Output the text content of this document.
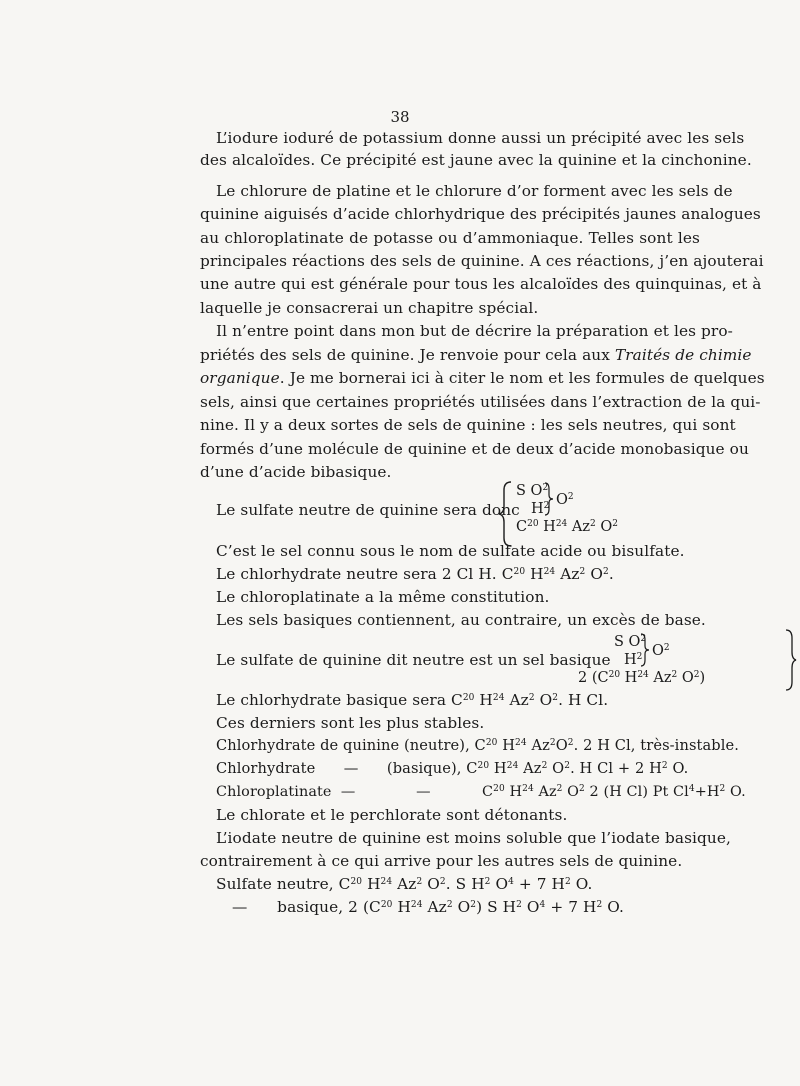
38
L’iodure ioduré de potassium donne aussi un précipité avec les sels
des alcaloïdes. Ce précipité est jaune avec la quinine et la cinchonine.
Le chlorure de platine et le chlorure d’or forment avec les sels de
quinine aiguisés d’acide chlorhydrique des précipités jaunes analogues
au chloroplatinate de potasse ou d’ammoniaque. Telles sont les
principales réactions des sels de quinine. A ces réactions, j’en ajouterai
une autre qui est générale pour tous les alcaloïdes des quinquinas, et à
laquelle je consacrerai un chapitre spécial.
Il n’entre point dans mon but de décrire la préparation et les pro-
priétés des sels de quinine. Je renvoie pour cela aux Traités de chimie
organique. Je me bornerai ici à citer le nom et les formules de quelques
sels, ainsi que certaines propriétés utilisées dans l’extraction de la qui-
nine. Il y a deux sortes de sels de quinine : les sels neutres, qui sont
formés d’une molécule de quinine et de deux d’acide monobasique ou
d’une d’acide bibasique.
Le sulfate neutre de quinine sera donc
S $O^2$
$H^2$ $O^2$
$C^{20}$ $H^{24}$ Az$^2$ $O^2$
C’est le sel connu sous le nom de sulfate acide ou bisulfate.
Le chlorhydrate neutre sera 2 Cl H. $C^{20}$ $H^{24}$ Az$^2$ $O^2$.
Le chloroplatinate a la même constitution.
Les sels basiques contiennent, au contraire, un excès de base.
Le sulfate de quinine dit neutre est un sel basique
S $O^2$
$H^2$ $O^2$
2 ($C^{20}$ $H^{24}$ Az$^2$ $O^2$)
Le chlorhydrate basique sera $C^{20}$ $H^{24}$ Az$^2$ $O^2$. H Cl.
Ces derniers sont les plus stables.
Chlorhydrate de quinine (neutre), $C^{20}$ $H^{24}$ $Az^2O^2$. 2 H Cl, très-instable.
Chlorhydrate      —      (basique), $C^{20}$ $H^{24}$ Az$^2$ $O^2$. H Cl + 2 $H^2$ O.
Chloroplatinate  —             —           $C^{20}$ $H^{24}$ Az$^2$ $O^2$ 2 (H Cl) Pt $Cl^4+H^2$ O.
Le chlorate et le perchlorate sont détonants.
L’iodate neutre de quinine est moins soluble que l’iodate basique,
contrairement à ce qui arrive pour les autres sels de quinine.
Sulfate neutre, $C^{20}$ $H^{24}$ Az$^2$ $O^2$. S $H^2$ $O^4 + 7$ $H^2$ O.
—      basique, 2 ($C^{20}$ $H^{24}$ Az$^2$ $O^2$) S $H^2$ $O^4 + 7$ $H^2$ O.
